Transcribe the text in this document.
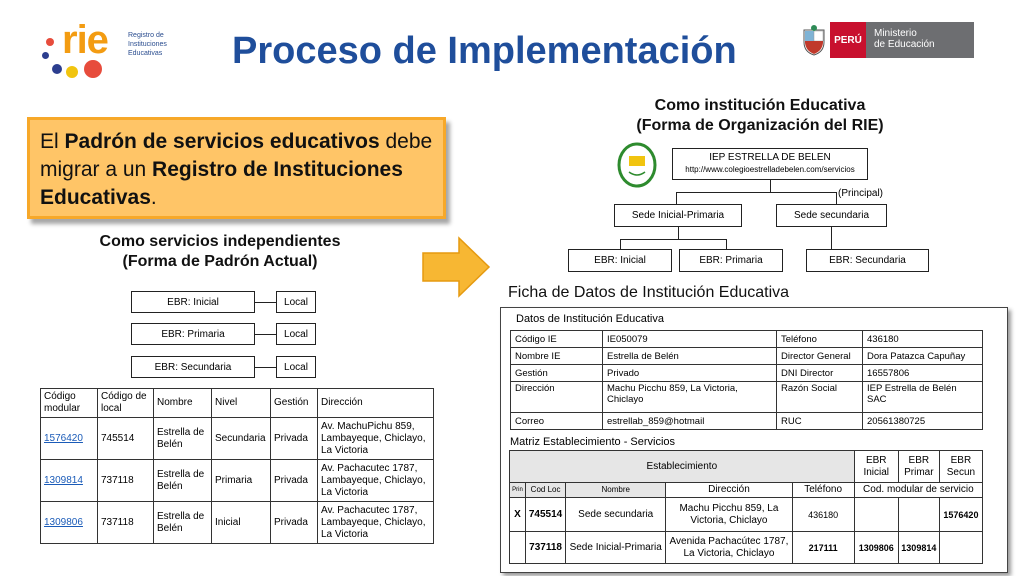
rie	Registro de
Instituciones
Educativas Proceso de Implementación	PERÚ
Ministerio
de Educación
El Padrón de servicios educativos debe migrar a un Registro de Instituciones Educativas.
Como servicios independientes
(Forma de Padrón Actual)
EBR: Inicial	Local
EBR: Primaria	Local
EBR: Secundaria	Local
Código modular	Código de local	Nombre	Nivel	Gestión	Dirección
1576420	745514	Estrella de Belén	Secundaria	Privada	Av. MachuPichu 859, Lambayeque, Chiclayo, La Victoria
1309814	737118	Estrella de Belén	Primaria	Privada	Av. Pachacutec 1787, Lambayeque, Chiclayo, La Victoria
1309806	737118	Estrella de Belén	Inicial	Privada	Av. Pachacutec 1787, Lambayeque, Chiclayo, La Victoria
Como institución Educativa
(Forma de Organización del RIE)
IEP ESTRELLA DE BELEN
http://www.colegioestrelladebelen.com/servicios
(Principal)
Sede Inicial-Primaria	Sede secundaria
EBR: Inicial	EBR: Primaria	EBR: Secundaria
Ficha de Datos de Institución Educativa
Datos de Institución Educativa
Código IE	IE050079	Teléfono	436180
Nombre IE	Estrella de Belén	Director General	Dora Patazca Capuñay
Gestión	Privado	DNI Director	16557806
Dirección	Machu Picchu 859, La Victoria, Chiclayo	Razón Social	IEP Estrella de Belén SAC
Correo	estrellab_859@hotmail	RUC	20561380725
Matriz Establecimiento - Servicios
Establecimiento					EBR Inicial	EBR Primar	EBR Secun
Prin	Cod Loc	Nombre	Dirección	Teléfono	Cod. modular de servicio		
X	745514	Sede secundaria	Machu Picchu 859, La Victoria, Chiclayo	436180			1576420
	737118	Sede Inicial-Primaria	Avenida Pachacútec 1787, La Victoria, Chiclayo	217111	1309806	1309814	
